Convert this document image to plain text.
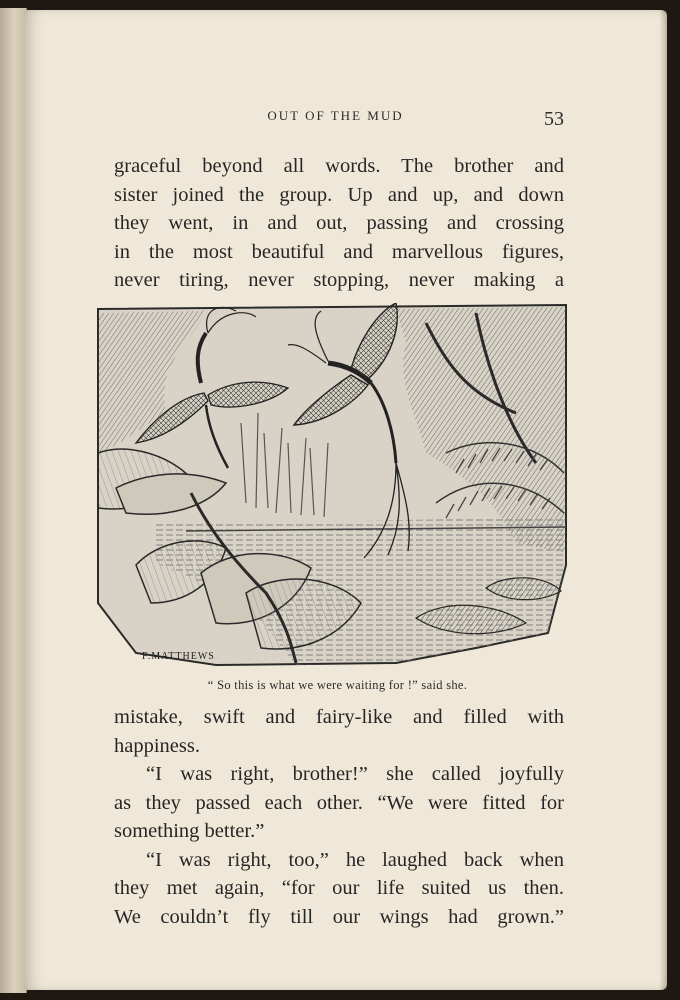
OUT OF THE MUD	53
graceful beyond all words. The brother and
sister joined the group. Up and up, and down
they went, in and out, passing and crossing
in the most beautiful and marvellous figures,
never tiring, never stopping, never making a
F.MATTHEWS
“ So this is what we were waiting for !” said she.
mistake, swift and fairy-like and filled with
happiness.
“I was right, brother!” she called joyfully
as they passed each other. “We were fitted for
something better.”
“I was right, too,” he laughed back when
they met again, “for our life suited us then.
We couldn’t fly till our wings had grown.”
